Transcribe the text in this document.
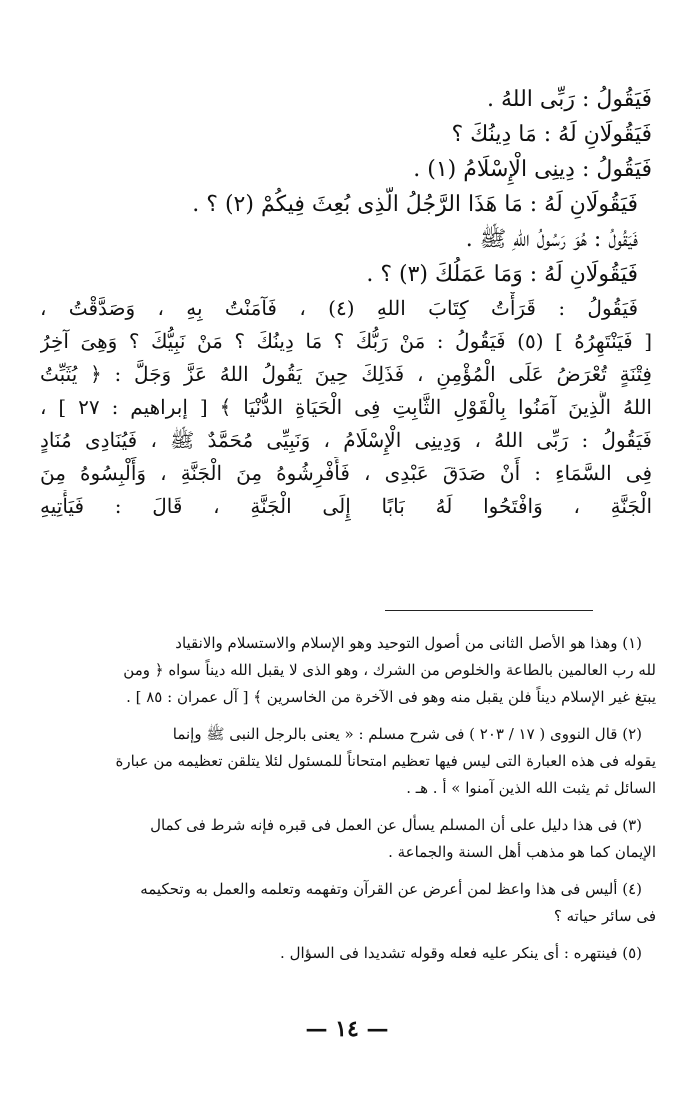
فَيَقُولُ : رَبِّى اللهُ .
فَيَقُولَانِ لَهُ : مَا دِينُكَ ؟
فَيَقُولُ : دِينِى الْإِسْلَامُ (١) .
فَيَقُولَانِ لَهُ : مَا هَذَا الرَّجُلُ الَّذِى بُعِثَ فِيكُمْ (٢) ؟ .
فَيَقُولُ : هُوَ رَسُولُ اللهِ ﷺ .
فَيَقُولَانِ لَهُ : وَمَا عَمَلُكَ (٣) ؟ .
فَيَقُولُ : قَرَأْتُ كِتَابَ اللهِ (٤) ، فَآمَنْتُ بِهِ ، وَصَدَّقْتُ ،
[ فَيَنْتَهِرُهُ ] (٥) فَيَقُولُ : مَنْ رَبُّكَ ؟ مَا دِينُكَ ؟ مَنْ نَبِيُّكَ ؟ وَهِىَ آخِرُ
فِتْنَةٍ تُعْرَضُ عَلَى الْمُؤْمِنِ ، فَذَلِكَ حِينَ يَقُولُ اللهُ عَزَّ وَجَلَّ : ﴿ يُثَبِّتُ
اللهُ الَّذِينَ آمَنُوا بِالْقَوْلِ الثَّابِتِ فِى الْحَيَاةِ الدُّنْيَا ﴾ [ إبراهيم : ٢٧ ] ،
فَيَقُولُ : رَبِّى اللهُ ، وَدِينِى الْإِسْلَامُ ، وَنَبِيِّى مُحَمَّدٌ ﷺ ، فَيُنَادِى مُنَادٍ
فِى السَّمَاءِ : أَنْ صَدَقَ عَبْدِى ، فَأَفْرِشُوهُ مِنَ الْجَنَّةِ ، وَأَلْبِسُوهُ مِنَ
الْجَنَّةِ ، وَافْتَحُوا لَهُ بَابًا إِلَى الْجَنَّةِ ، قَالَ : فَيَأْتِيهِ
(١) وهذا هو الأصل الثانى من أصول التوحيد وهو الإسلام والاستسلام والانقياد
لله رب العالمين بالطاعة والخلوص من الشرك ، وهو الذى لا يقبل الله ديناً سواه ﴿ ومن
يبتغ غير الإسلام ديناً فلن يقبل منه وهو فى الآخرة من الخاسرين ﴾ [ آل عمران : ٨٥ ] .
(٢) قال النووى ( ١٧ / ٢٠٣ ) فى شرح مسلم : « يعنى بالرجل النبى ﷺ وإنما
يقوله فى هذه العبارة التى ليس فيها تعظيم امتحاناً للمسئول لئلا يتلقن تعظيمه من عبارة
السائل ثم يثبت الله الذين آمنوا » أ . هـ .
(٣) فى هذا دليل على أن المسلم يسأل عن العمل فى قبره فإنه شرط فى كمال
الإيمان كما هو مذهب أهل السنة والجماعة .
(٤) أليس فى هذا واعظ لمن أعرض عن القرآن وتفهمه وتعلمه والعمل به وتحكيمه
فى سائر حياته ؟
(٥) فينتهره : أى ينكر عليه فعله وقوله تشديدا فى السؤال .
— ١٤ —
